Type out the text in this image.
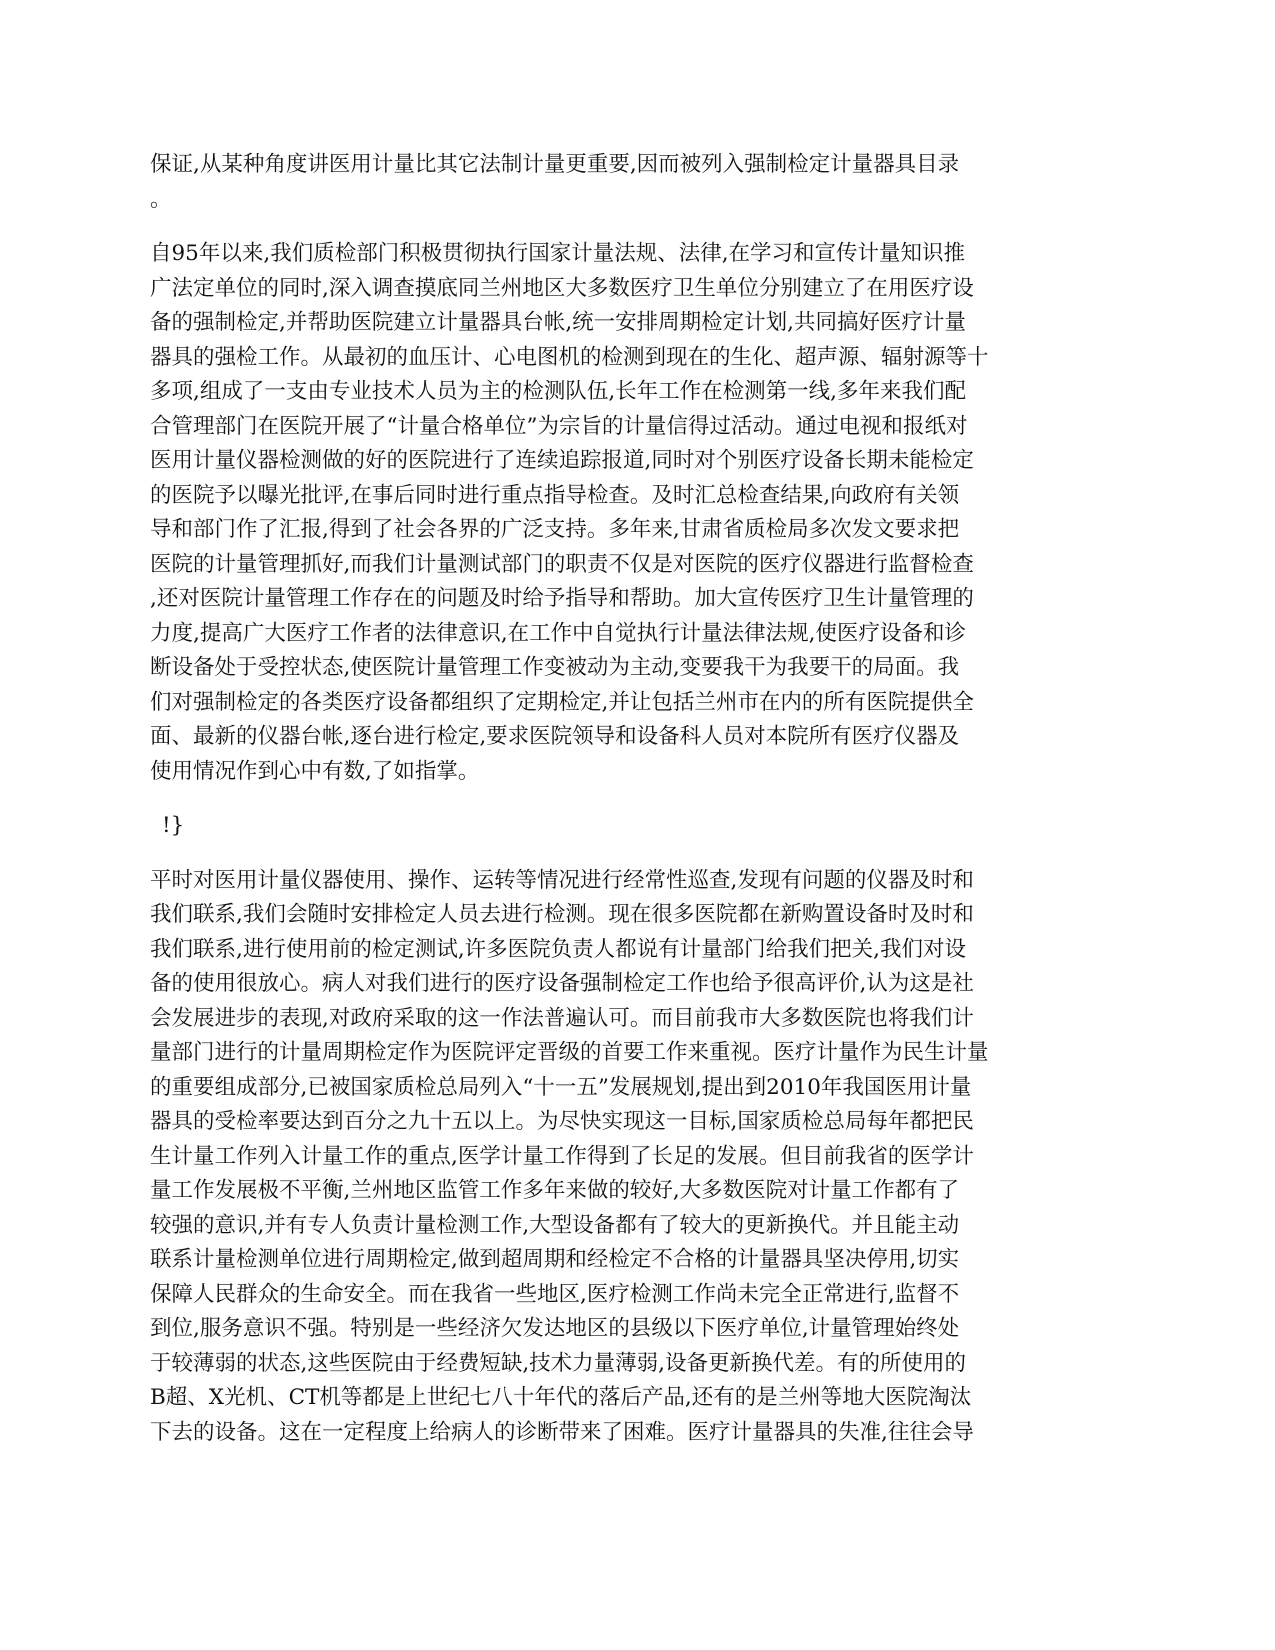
保证,从某种角度讲医用计量比其它法制计量更重要,因而被列入强制检定计量器具目录
。
自95年以来,我们质检部门积极贯彻执行国家计量法规、法律,在学习和宣传计量知识推
广法定单位的同时,深入调查摸底同兰州地区大多数医疗卫生单位分别建立了在用医疗设
备的强制检定,并帮助医院建立计量器具台帐,统一安排周期检定计划,共同搞好医疗计量
器具的强检工作。从最初的血压计、心电图机的检测到现在的生化、超声源、辐射源等十
多项,组成了一支由专业技术人员为主的检测队伍,长年工作在检测第一线,多年来我们配
合管理部门在医院开展了“计量合格单位”为宗旨的计量信得过活动。通过电视和报纸对
医用计量仪器检测做的好的医院进行了连续追踪报道,同时对个别医疗设备长期未能检定
的医院予以曝光批评,在事后同时进行重点指导检查。及时汇总检查结果,向政府有关领
导和部门作了汇报,得到了社会各界的广泛支持。多年来,甘肃省质检局多次发文要求把
医院的计量管理抓好,而我们计量测试部门的职责不仅是对医院的医疗仪器进行监督检查
,还对医院计量管理工作存在的问题及时给予指导和帮助。加大宣传医疗卫生计量管理的
力度,提高广大医疗工作者的法律意识,在工作中自觉执行计量法律法规,使医疗设备和诊
断设备处于受控状态,使医院计量管理工作变被动为主动,变要我干为我要干的局面。我
们对强制检定的各类医疗设备都组织了定期检定,并让包括兰州市在内的所有医院提供全
面、最新的仪器台帐,逐台进行检定,要求医院领导和设备科人员对本院所有医疗仪器及
使用情况作到心中有数,了如指掌。
!}
平时对医用计量仪器使用、操作、运转等情况进行经常性巡查,发现有问题的仪器及时和
我们联系,我们会随时安排检定人员去进行检测。现在很多医院都在新购置设备时及时和
我们联系,进行使用前的检定测试,许多医院负责人都说有计量部门给我们把关,我们对设
备的使用很放心。病人对我们进行的医疗设备强制检定工作也给予很高评价,认为这是社
会发展进步的表现,对政府采取的这一作法普遍认可。而目前我市大多数医院也将我们计
量部门进行的计量周期检定作为医院评定晋级的首要工作来重视。医疗计量作为民生计量
的重要组成部分,已被国家质检总局列入“十一五”发展规划,提出到2010年我国医用计量
器具的受检率要达到百分之九十五以上。为尽快实现这一目标,国家质检总局每年都把民
生计量工作列入计量工作的重点,医学计量工作得到了长足的发展。但目前我省的医学计
量工作发展极不平衡,兰州地区监管工作多年来做的较好,大多数医院对计量工作都有了
较强的意识,并有专人负责计量检测工作,大型设备都有了较大的更新换代。并且能主动
联系计量检测单位进行周期检定,做到超周期和经检定不合格的计量器具坚决停用,切实
保障人民群众的生命安全。而在我省一些地区,医疗检测工作尚未完全正常进行,监督不
到位,服务意识不强。特别是一些经济欠发达地区的县级以下医疗单位,计量管理始终处
于较薄弱的状态,这些医院由于经费短缺,技术力量薄弱,设备更新换代差。有的所使用的
B超、X光机、CT机等都是上世纪七八十年代的落后产品,还有的是兰州等地大医院淘汰
下去的设备。这在一定程度上给病人的诊断带来了困难。医疗计量器具的失准,往往会导
